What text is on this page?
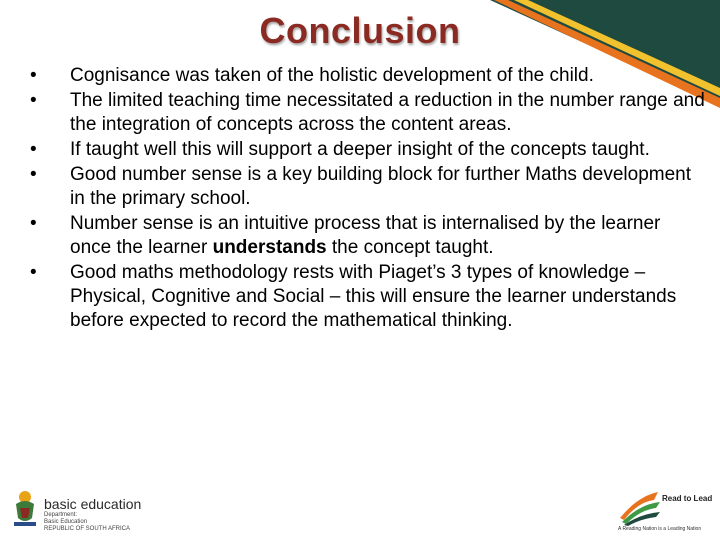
Conclusion
•	Cognisance was taken of the holistic development of the child.
•	The limited teaching time necessitated a reduction in the number range and the integration of concepts across the content areas.
•	If taught well this will support a deeper insight of the concepts taught.
•	Good number sense is a key building block for further Maths development in the primary school.
•	Number sense is an intuitive process that is internalised by the learner once the learner understands the concept taught.
•	Good maths methodology rests with Piaget’s 3 types of knowledge – Physical, Cognitive and Social – this will ensure the learner understands before expected to record the mathematical thinking.
basic education
Department:
Basic Education
REPUBLIC OF SOUTH AFRICA
Read to Lead
A Reading Nation is a Leading Nation
